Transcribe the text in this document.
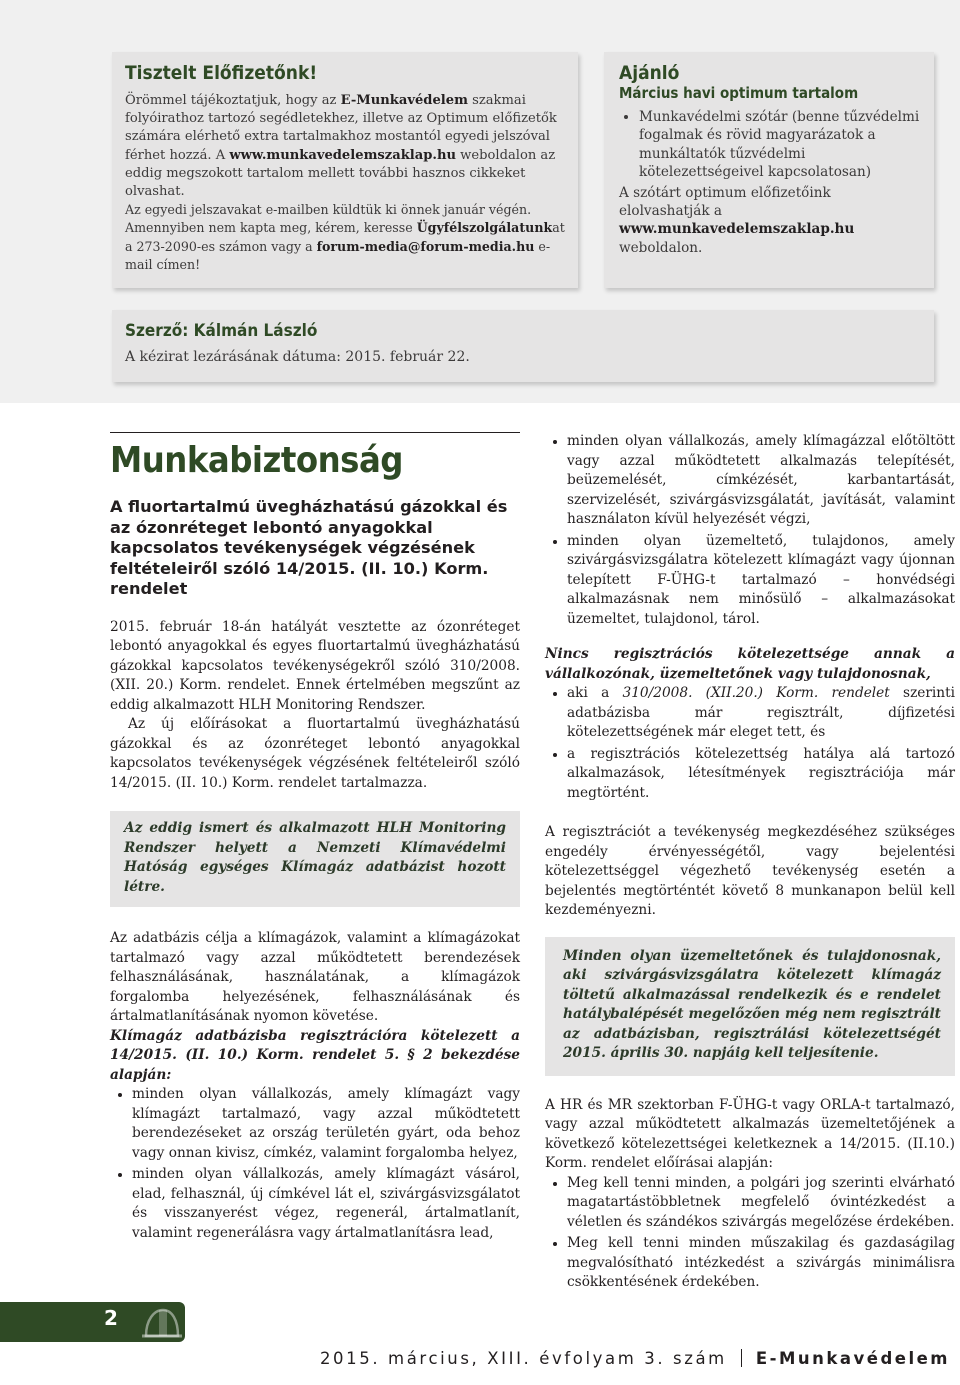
Tisztelt Előfizetőnk!

Örömmel tájékoztatjuk, hogy az E-Munkavédelem szakmai folyóirathoz tartozó segédletekhez, illetve az Optimum előfizetők számára elérhető extra tartalmakhoz mostantól egyedi jelszóval férhet hozzá. A www.munkavedelemszaklap.hu weboldalon az eddig megszokott tartalom mellett további hasznos cikkeket olvashat.

Az egyedi jelszavakat e-mailben küldtük ki önnek január végén.

Amennyiben nem kapta meg, kérem, keresse Ügyfélszolgálatunkat a 273-2090-es számon vagy a forum-media@forum-media.hu e-mail címen!

Ajánló
Március havi optimum tartalom
• Munkavédelmi szótár (benne tűzvédelmi fogalmak és rövid magyarázatok a munkáltatók tűzvédelmi kötelezettségeivel kapcsolatosan)

A szótárt optimum előfizetőink elolvashatják a www.munkavedelemszaklap.hu weboldalon.

Szerző: Kálmán László

A kézirat lezárásának dátuma: 2015. február 22.

Munkabiztonság
A fluortartalmú üvegházhatású gázokkal és az ózonréteget lebontó anyagokkal kapcsolatos tevékenységek végzésének feltételeiről szóló 14/2015. (II. 10.) Korm. rendelet

2015. február 18-án hatályát vesztette az ózonréteget lebontó anyagokkal és egyes fluortartalmú üvegházhatású gázokkal kapcsolatos tevékenységekről szóló 310/2008. (XII. 20.) Korm. rendelet. Ennek értelmében megszűnt az eddig alkalmazott HLH Monitoring Rendszer.

Az új előírásokat a fluortartalmú üvegházhatású gázokkal és az ózonréteget lebontó anyagokkal kapcsolatos tevékenységek végzésének feltételeiről szóló 14/2015. (II. 10.) Korm. rendelet tartalmazza.

Az eddig ismert és alkalmazott HLH Monitoring Rendszer helyett a Nemzeti Klímavédelmi Hatóság egységes Klímagáz adatbázist hozott létre.

Az adatbázis célja a klímagázok, valamint a klímagázokat tartalmazó vagy azzal működtetett berendezések felhasználásának, használatának, a klímagázok forgalomba helyezésének, felhasználásának és ártalmatlanításának nyomon követése.

Klímagáz adatbázisba regisztrációra kötelezett a 14/2015. (II. 10.) Korm. rendelet 5. § 2 bekezdése alapján:

• minden olyan vállalkozás, amely klímagázt vagy klímagázt tartalmazó, vagy azzal működtetett berendezéseket az ország területén gyárt, oda behoz vagy onnan kivisz, címkéz, valamint forgalomba helyez,
• minden olyan vállalkozás, amely klímagázt vásárol, elad, felhasznál, új címkével lát el, szivárgásvizsgálatot és visszanyerést végez, regenerál, ártalmatlanít, valamint regenerálásra vagy ártalmatlanításra lead,
• minden olyan vállalkozás, amely klímagázzal előtöltött vagy azzal működtetett alkalmazás telepítését, beüzemelését, címkézését, karbantartását, szervizelését, szivárgásvizsgálatát, javítását, valamint használaton kívül helyezését végzi,
• minden olyan üzemeltető, tulajdonos, amely szivárgásvizsgálatra kötelezett klímagázt vagy újonnan telepített F-ÜHG-t tartalmazó – honvédségi alkalmazásnak nem minősülő – alkalmazásokat üzemeltet, tulajdonol, tárol.

Nincs regisztrációs kötelezettsége annak a vállalkozónak, üzemeltetőnek vagy tulajdonosnak,

• aki a 310/2008. (XII.20.) Korm. rendelet szerinti adatbázisba már regisztrált, díjfizetési kötelezettségének már eleget tett, és
• a regisztrációs kötelezettség hatálya alá tartozó alkalmazások, létesítmények regisztrációja már megtörtént.

A regisztrációt a tevékenység megkezdéséhez szükséges engedély érvényességétől, vagy bejelentési kötelezettséggel végezhető tevékenység esetén a bejelentés megtörténtét követő 8 munkanapon belül kell kezdeményezni.

Minden olyan üzemeltetőnek és tulajdonosnak, aki szivárgásvizsgálatra kötelezett klímagáz töltetű alkalmazással rendelkezik és e rendelet hatálybalépését megelőzően még nem regisztrált az adatbázisban, regisztrálási kötelezettségét 2015. április 30. napjáig kell teljesítenie.

A HR és MR szektorban F-ÜHG-t vagy ORLA-t tartalmazó, vagy azzal működtetett alkalmazás üzemeltetőjének a következő kötelezettségei keletkeznek a 14/2015. (II.10.) Korm. rendelet előírásai alapján:

• Meg kell tenni minden, a polgári jog szerinti elvárható magatartástöbbletnek megfelelő óvintézkedést a véletlen és szándékos szivárgás megelőzése érdekében.
• Meg kell tenni minden műszakilag és gazdaságilag megvalósítható intézkedést a szivárgás minimálisra csökkentésének érdekében.
2
2015. március, XIII. évfolyam 3. szám E-Munkavédelem
